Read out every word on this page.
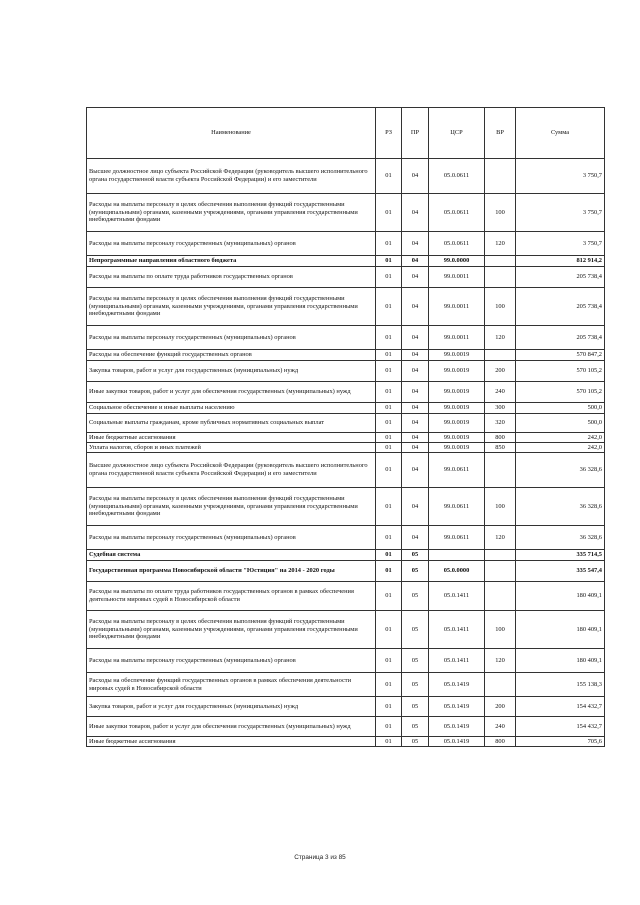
Наименование	РЗ	ПР	ЦСР	ВР	Сумма
Высшее должностное лицо субъекта Российской Федерации (руководитель высшего исполнительного органа государственной власти субъекта Российской Федерации) и его заместители	01	04	05.0.0611		3 750,7
Расходы на выплаты персоналу в целях обеспечения выполнения функций государственными (муниципальными) органами, казенными учреждениями, органами управления государственными внебюджетными фондами	01	04	05.0.0611	100	3 750,7
Расходы на выплаты персоналу государственных (муниципальных) органов	01	04	05.0.0611	120	3 750,7
Непрограммные направления областного бюджета	01	04	99.0.0000		812 914,2
Расходы на выплаты по оплате труда работников государственных органов	01	04	99.0.0011		205 738,4
Расходы на выплаты персоналу в целях обеспечения выполнения функций государственными (муниципальными) органами, казенными учреждениями, органами управления государственными внебюджетными фондами	01	04	99.0.0011	100	205 738,4
Расходы на выплаты персоналу государственных (муниципальных) органов	01	04	99.0.0011	120	205 738,4
Расходы на обеспечение функций государственных органов	01	04	99.0.0019		570 847,2
Закупка товаров, работ и услуг для государственных (муниципальных) нужд	01	04	99.0.0019	200	570 105,2
Иные закупки товаров, работ и услуг для обеспечения государственных (муниципальных) нужд	01	04	99.0.0019	240	570 105,2
Социальное обеспечение и иные выплаты населению	01	04	99.0.0019	300	500,0
Социальные выплаты гражданам, кроме публичных нормативных социальных выплат	01	04	99.0.0019	320	500,0
Иные бюджетные ассигнования	01	04	99.0.0019	800	242,0
Уплата налогов, сборов и иных платежей	01	04	99.0.0019	850	242,0
Высшее должностное лицо субъекта Российской Федерации (руководитель высшего исполнительного органа государственной власти субъекта Российской Федерации) и его заместители	01	04	99.0.0611		36 328,6
Расходы на выплаты персоналу в целях обеспечения выполнения функций государственными (муниципальными) органами, казенными учреждениями, органами управления государственными внебюджетными фондами	01	04	99.0.0611	100	36 328,6
Расходы на выплаты персоналу государственных (муниципальных) органов	01	04	99.0.0611	120	36 328,6
Судебная система	01	05			335 714,5
Государственная программа Новосибирской области "Юстиция" на 2014 - 2020 годы	01	05	05.0.0000		335 547,4
Расходы на выплаты по оплате труда работников государственных органов в рамках обеспечения деятельности мировых судей в Новосибирской области	01	05	05.0.1411		180 409,1
Расходы на выплаты персоналу в целях обеспечения выполнения функций государственными (муниципальными) органами, казенными учреждениями, органами управления государственными внебюджетными фондами	01	05	05.0.1411	100	180 409,1
Расходы на выплаты персоналу государственных (муниципальных) органов	01	05	05.0.1411	120	180 409,1
Расходы на обеспечение функций государственных органов в рамках обеспечения деятельности мировых судей в Новосибирской области	01	05	05.0.1419		155 138,3
Закупка товаров, работ и услуг для государственных (муниципальных) нужд	01	05	05.0.1419	200	154 432,7
Иные закупки товаров, работ и услуг для обеспечения государственных (муниципальных) нужд	01	05	05.0.1419	240	154 432,7
Иные бюджетные ассигнования	01	05	05.0.1419	800	705,6
Страница 3 из 85
